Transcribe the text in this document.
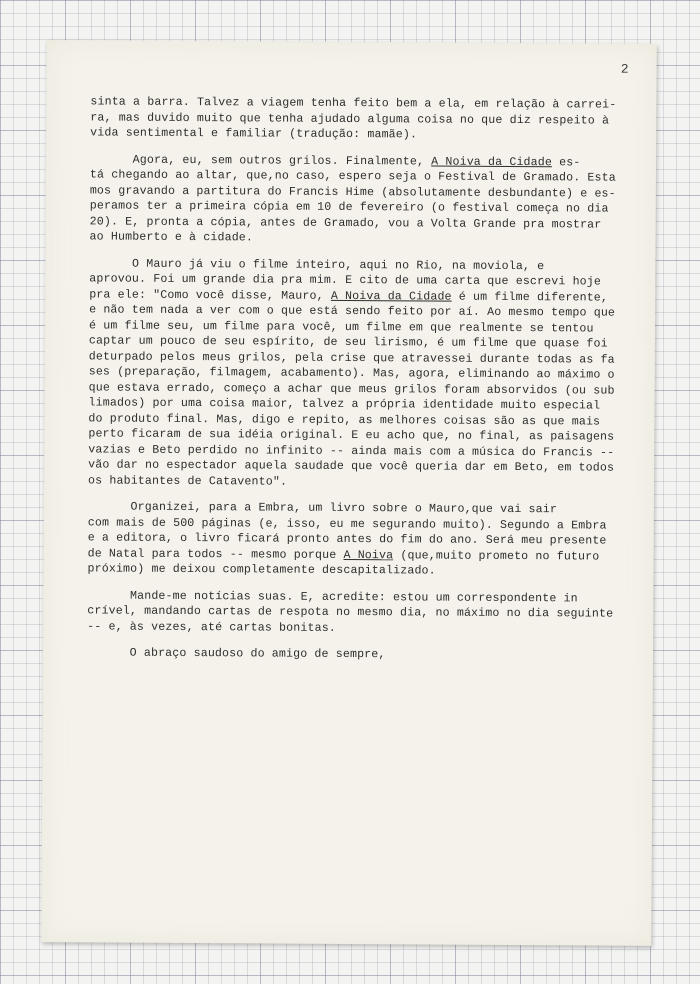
2
sinta a barra. Talvez a viagem tenha feito bem a ela, em relação à carrei-
ra, mas duvido muito que tenha ajudado alguma coisa no que diz respeito à
vida sentimental e familiar (tradução: mamãe).
Agora, eu, sem outros grilos. Finalmente, A Noiva da Cidade es-
tá chegando ao altar, que,no caso, espero seja o Festival de Gramado. Esta
mos gravando a partitura do Francis Hime (absolutamente desbundante) e es-
peramos ter a primeira cópia em 10 de fevereiro (o festival começa no dia
20). E, pronta a cópia, antes de Gramado, vou a Volta Grande pra mostrar
ao Humberto e à cidade.
O Mauro já viu o filme inteiro, aqui no Rio, na moviola, e
aprovou. Foi um grande dia pra mim. E cito de uma carta que escrevi hoje
pra ele: "Como você disse, Mauro, A Noiva da Cidade é um filme diferente,
e não tem nada a ver com o que está sendo feito por aí. Ao mesmo tempo que
é um filme seu, um filme para você, um filme em que realmente se tentou
captar um pouco de seu espírito, de seu lirismo, é um filme que quase foi
deturpado pelos meus grilos, pela crise que atravessei durante todas as fa
ses (preparação, filmagem, acabamento). Mas, agora, eliminando ao máximo o
que estava errado, começo a achar que meus grilos foram absorvidos (ou sub
limados) por uma coisa maior, talvez a própria identidade muito especial
do produto final. Mas, digo e repito, as melhores coisas são as que mais
perto ficaram de sua idéia original. E eu acho que, no final, as paisagens
vazias e Beto perdido no infinito -- ainda mais com a música do Francis --
vão dar no espectador aquela saudade que você queria dar em Beto, em todos
os habitantes de Catavento".
Organizei, para a Embra, um livro sobre o Mauro,que vai sair
com mais de 500 páginas (e, isso, eu me segurando muito). Segundo a Embra
e a editora, o livro ficará pronto antes do fim do ano. Será meu presente
de Natal para todos -- mesmo porque A Noiva (que,muito prometo no futuro
próximo) me deixou completamente descapitalizado.
Mande-me notícias suas. E, acredite: estou um correspondente in
crível, mandando cartas de respota no mesmo dia, no máximo no dia seguinte
-- e, às vezes, até cartas bonitas.
O abraço saudoso do amigo de sempre,
